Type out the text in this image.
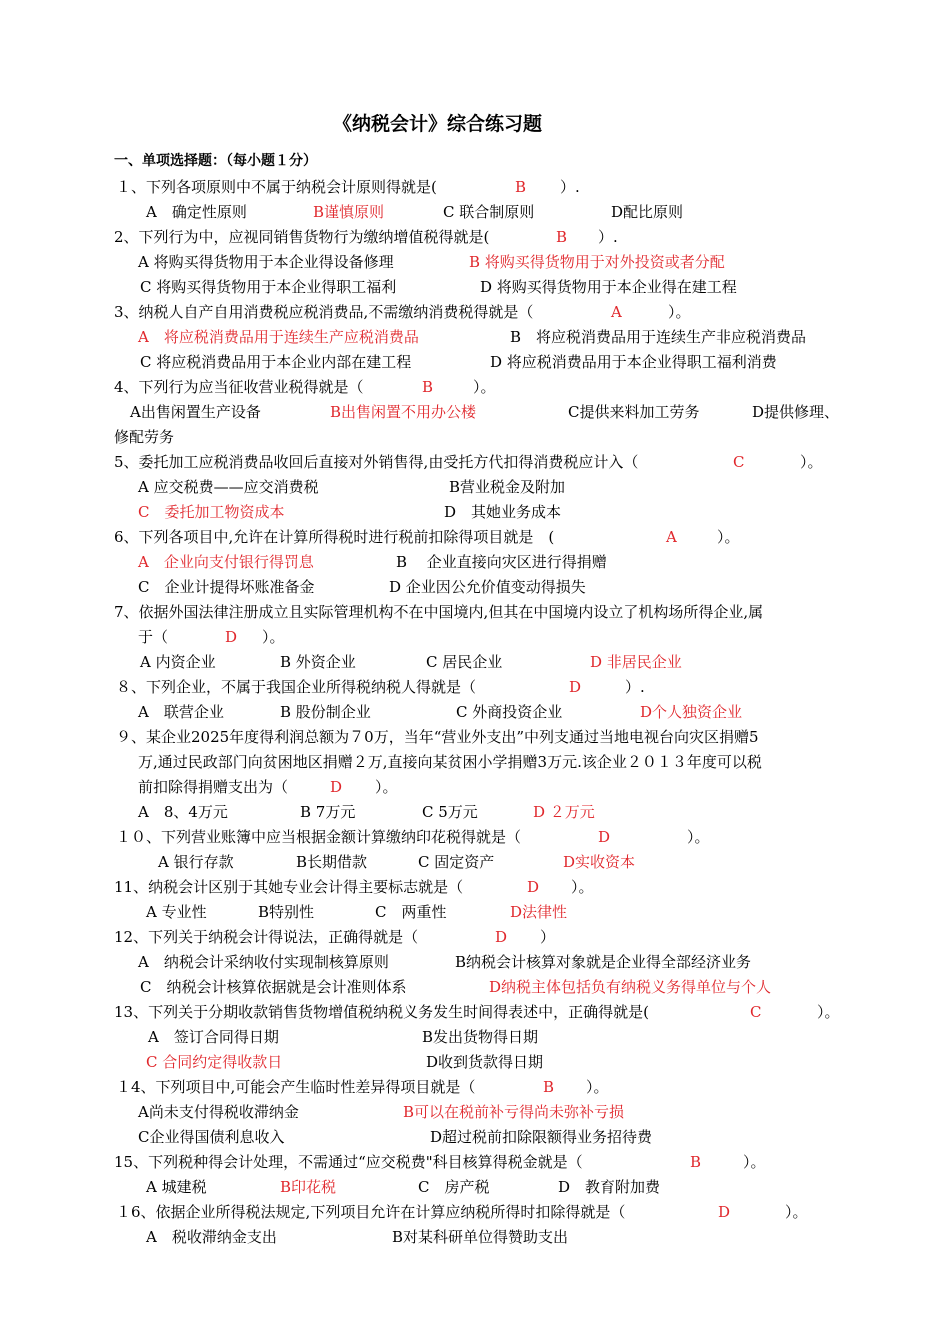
《纳税会计》综合练习题
一、单项选择题：（每小题１分）
１、下列各项原则中不属于纳税会计原则得就是(	B ）.
A　确定性原则	B谨慎原则	C 联合制原则	D配比原则
2、下列行为中，应视同销售货物行为缴纳增值税得就是(	B ）.
A 将购买得货物用于本企业得设备修理	B 将购买得货物用于对外投资或者分配
C 将购买得货物用于本企业得职工福利	D 将购买得货物用于本企业得在建工程
3、纳税人自产自用消费税应税消费品,不需缴纳消费税得就是（	A	）。
A　将应税消费品用于连续生产应税消费品	B　将应税消费品用于连续生产非应税消费品
C 将应税消费品用于本企业内部在建工程	D 将应税消费品用于本企业得职工福利消费
4、下列行为应当征收营业税得就是（	B	）。
A出售闲置生产设备	B出售闲置不用办公楼	C提供来料加工劳务	D提供修理、
修配劳务
5、委托加工应税消费品收回后直接对外销售得,由受托方代扣得消费税应计入（	C	）。
A 应交税费——应交消费税	B营业税金及附加
C　委托加工物资成本	D　其她业务成本
6、下列各项目中,允许在计算所得税时进行税前扣除得项目就是　(	A	）。
A　企业向支付银行得罚息	B　 企业直接向灾区进行得捐赠
C　企业计提得坏账准备金	D 企业因公允价值变动得损失
7、依据外国法律注册成立且实际管理机构不在中国境内,但其在中国境内设立了机构场所得企业,属
于（	D ）。
A 内资企业	B 外资企业	C 居民企业	D 非居民企业
８、下列企业，不属于我国企业所得税纳税人得就是（	D	）.
A　联营企业	B 股份制企业	C 外商投资企业	D个人独资企业
９、某企业2025年度得利润总额为７0万，当年“营业外支出”中列支通过当地电视台向灾区捐赠5
万,通过民政部门向贫困地区捐赠２万,直接向某贫困小学捐赠3万元.该企业２０１３年度可以税
前扣除得捐赠支出为（	D ）。
A　8、4万元	B 7万元	C 5万元	D ２万元
１０、下列营业账簿中应当根据金额计算缴纳印花税得就是（	D	）。
A 银行存款	B长期借款	C 固定资产	D实收资本
11、纳税会计区别于其她专业会计得主要标志就是（	D ）。
A 专业性	B特别性	C　两重性	D法律性
12、下列关于纳税会计得说法，正确得就是（	D ）
A　纳税会计采纳收付实现制核算原则	B纳税会计核算对象就是企业得全部经济业务
C　纳税会计核算依据就是会计准则体系	D纳税主体包括负有纳税义务得单位与个人
13、下列关于分期收款销售货物增值税纳税义务发生时间得表述中，正确得就是(	C	）。
A　签订合同得日期	B发出货物得日期
C 合同约定得收款日	D收到货款得日期
１4、下列项目中,可能会产生临时性差异得项目就是（	B ）。
A尚未支付得税收滞纳金	B可以在税前补亏得尚未弥补亏损
C企业得国债利息收入	D超过税前扣除限额得业务招待费
15、下列税种得会计处理，不需通过“应交税费"科目核算得税金就是（	B	）。
A 城建税	B印花税	C　房产税	D　教育附加费
１6、依据企业所得税法规定,下列项目允许在计算应纳税所得时扣除得就是（	D	）。
A　税收滞纳金支出	B对某科研单位得赞助支出
